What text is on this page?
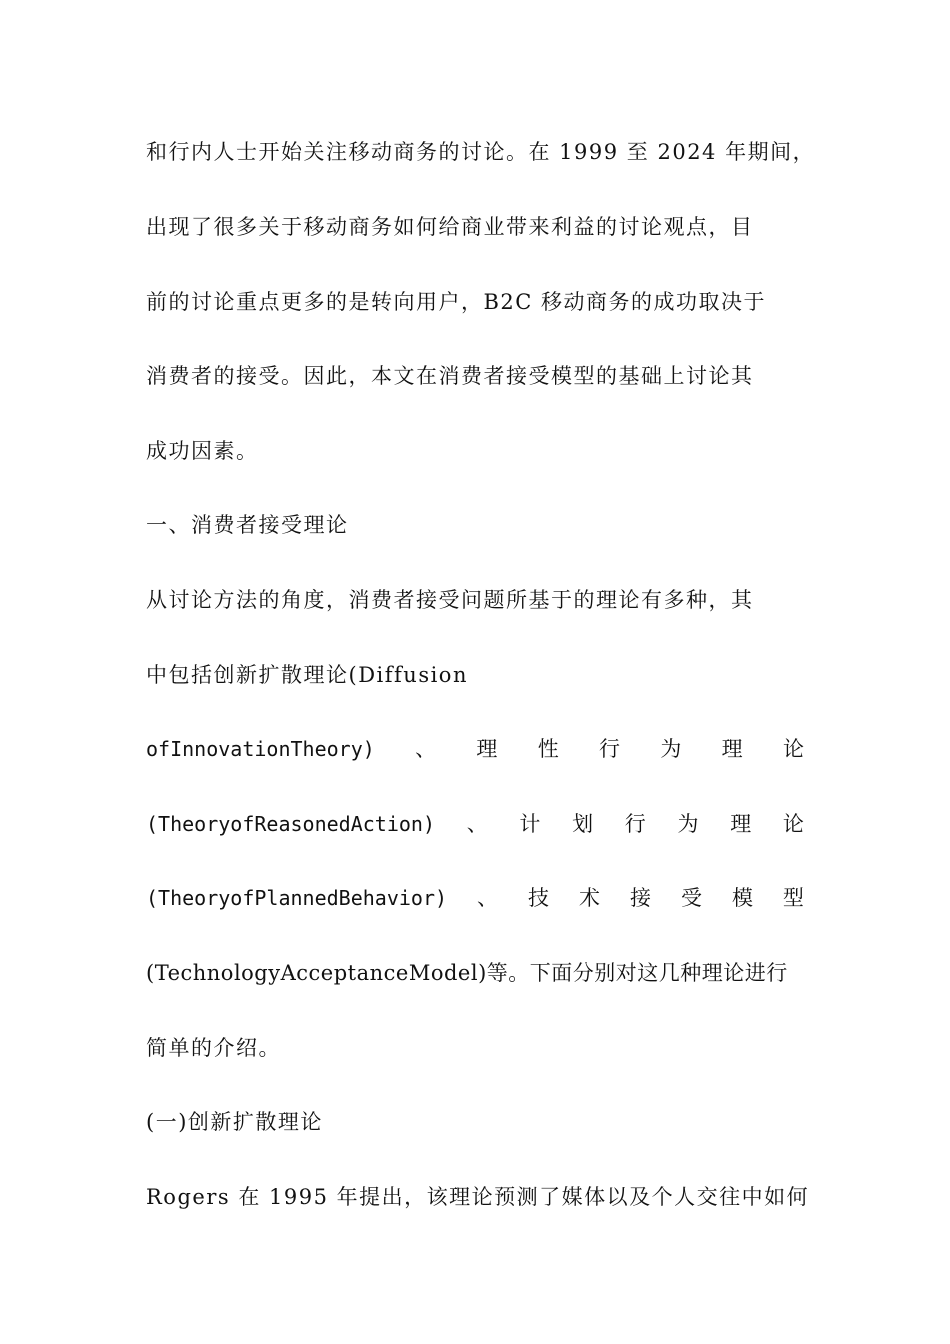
和行内人士开始关注移动商务的讨论。在 1999 至 2024 年期间，
出现了很多关于移动商务如何给商业带来利益的讨论观点，目
前的讨论重点更多的是转向用户，B2C 移动商务的成功取决于
消费者的接受。因此，本文在消费者接受模型的基础上讨论其
成功因素。
一、消费者接受理论
从讨论方法的角度，消费者接受问题所基于的理论有多种，其
中包括创新扩散理论(Diffusion
ofInnovationTheory) 、 理 性 行 为 理 论
(TheoryofReasonedAction) 、 计 划 行 为 理 论
(TheoryofPlannedBehavior) 、 技 术 接 受 模 型
(TechnologyAcceptanceModel)等。下面分别对这几种理论进行
简单的介绍。
(一)创新扩散理论
Rogers 在 1995 年提出，该理论预测了媒体以及个人交往中如何
